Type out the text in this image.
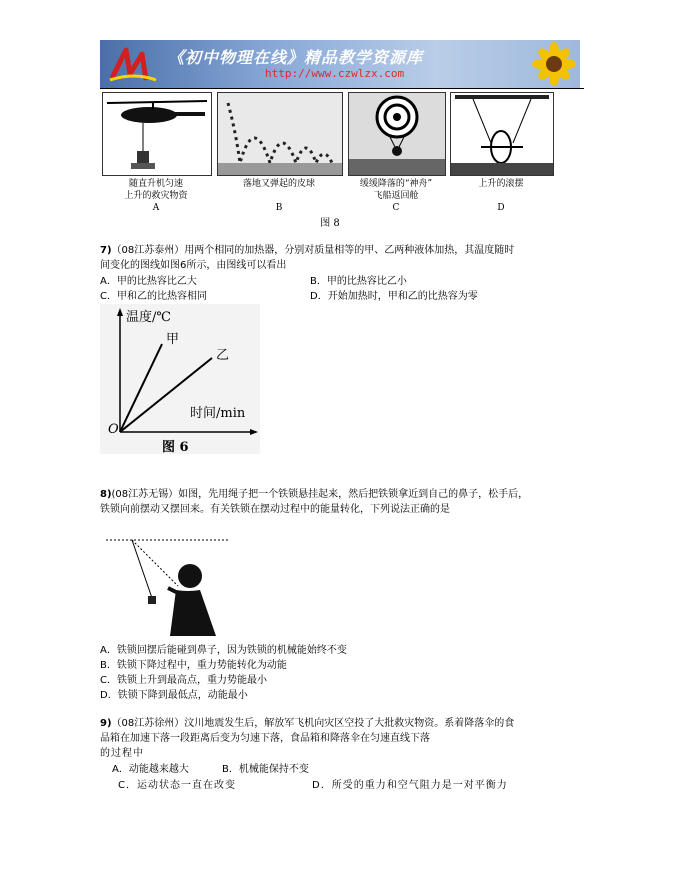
《初中物理在线》精品教学资源库
http://www.czwlzx.com
随直升机匀速
上升的救灾物资
A
落地又弹起的皮球
B
缓缓降落的“神舟”
飞船返回舱
C
上升的滚摆
D
图 8
7)（08江苏泰州）用两个相同的加热器，分别对质量相等的甲、乙两种液体加热，其温度随时
间变化的图线如图6所示，由图线可以看出
A．甲的比热容比乙大	B．甲的比热容比乙小
C．甲和乙的比热容相同	D．开始加热时，甲和乙的比热容为零
温度/℃
甲
乙
时间/min
O
图 6
8)(08江苏无锡）如图，先用绳子把一个铁锁悬挂起来，然后把铁锁拿近到自己的鼻子，松手后，
铁锁向前摆动又摆回来。有关铁锁在摆动过程中的能量转化，下列说法正确的是
A．铁锁回摆后能碰到鼻子，因为铁锁的机械能始终不变
B．铁锁下降过程中，重力势能转化为动能
C．铁锁上升到最高点，重力势能最小
D．铁锁下降到最低点，动能最小
9)（08江苏徐州）汶川地震发生后，解放军飞机向灾区空投了大批救灾物资。系着降落伞的食
品箱在加速下落一段距离后变为匀速下落，食品箱和降落伞在匀速直线下落
的过程中
A．动能越来越大	B．机械能保持不变
C．运动状态一直在改变	D．所受的重力和空气阻力是一对平衡力
